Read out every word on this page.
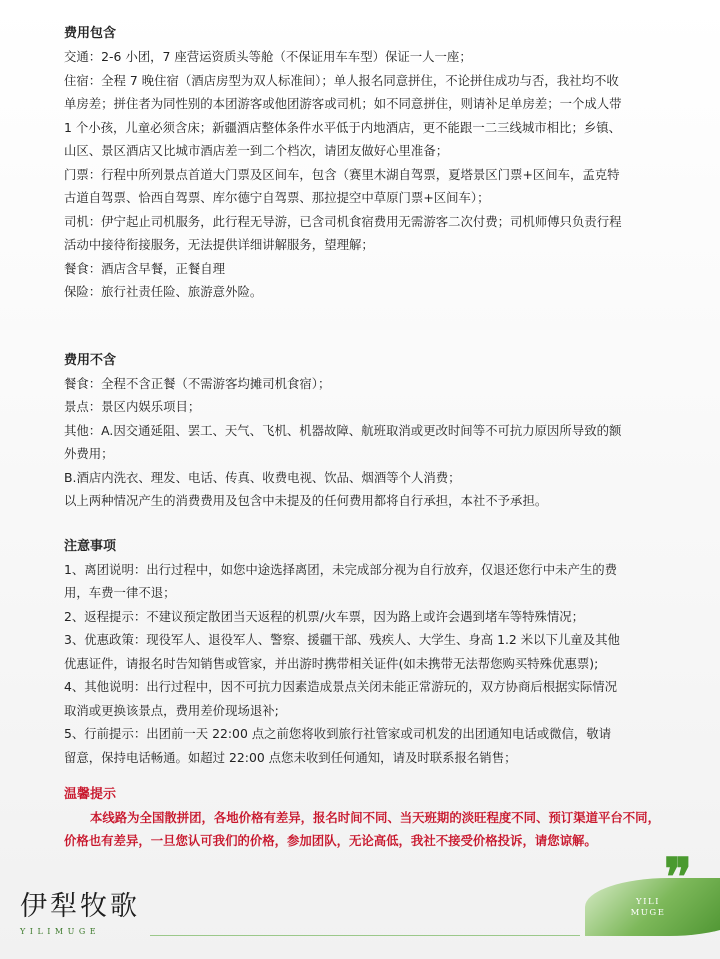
费用包含

交通：2-6 小团，7 座营运资质头等舱（不保证用车车型）保证一人一座；

住宿：全程 7 晚住宿（酒店房型为双人标准间）；单人报名同意拼住，不论拼住成功与否，我社均不收

单房差；拼住者为同性别的本团游客或他团游客或司机；如不同意拼住，则请补足单房差；一个成人带

1 个小孩，儿童必须含床；新疆酒店整体条件水平低于内地酒店，更不能跟一二三线城市相比；乡镇、

山区、景区酒店又比城市酒店差一到二个档次，请团友做好心里准备；

门票：行程中所列景点首道大门票及区间车，包含（赛里木湖自驾票，夏塔景区门票+区间车，孟克特

古道自驾票、恰西自驾票、库尔德宁自驾票、那拉提空中草原门票+区间车）；

司机：伊宁起止司机服务，此行程无导游，已含司机食宿费用无需游客二次付费；司机师傅只负责行程

活动中接待衔接服务，无法提供详细讲解服务，望理解；

餐食：酒店含早餐，正餐自理

保险：旅行社责任险、旅游意外险。

费用不含

餐食：全程不含正餐（不需游客均摊司机食宿）；

景点：景区内娱乐项目；

其他：A.因交通延阻、罢工、天气、飞机、机器故障、航班取消或更改时间等不可抗力原因所导致的额

外费用；

B.酒店内洗衣、理发、电话、传真、收费电视、饮品、烟酒等个人消费；

以上两种情况产生的消费费用及包含中未提及的任何费用都将自行承担，本社不予承担。

注意事项

1、离团说明：出行过程中，如您中途选择离团，未完成部分视为自行放弃，仅退还您行中未产生的费

用，车费一律不退；

2、返程提示：不建议预定散团当天返程的机票/火车票，因为路上或许会遇到堵车等特殊情况；

3、优惠政策：现役军人、退役军人、警察、援疆干部、残疾人、大学生、身高 1.2 米以下儿童及其他

优惠证件，请报名时告知销售或管家，并出游时携带相关证件(如未携带无法帮您购买特殊优惠票);

4、其他说明：出行过程中，因不可抗力因素造成景点关闭未能正常游玩的，双方协商后根据实际情况

取消或更换该景点，费用差价现场退补;

5、行前提示：出团前一天 22:00 点之前您将收到旅行社管家或司机发的出团通知电话或微信，敬请

留意，保持电话畅通。如超过 22:00 点您未收到任何通知，请及时联系报名销售；

温馨提示

本线路为全国散拼团，各地价格有差异，报名时间不同、当天班期的淡旺程度不同、预订渠道平台不同，价格也有差异，一旦您认可我们的价格，参加团队，无论高低，我社不接受价格投诉，请您谅解。

伊犁牧歌
YILIMUGE
YILI
MUGE
❞
